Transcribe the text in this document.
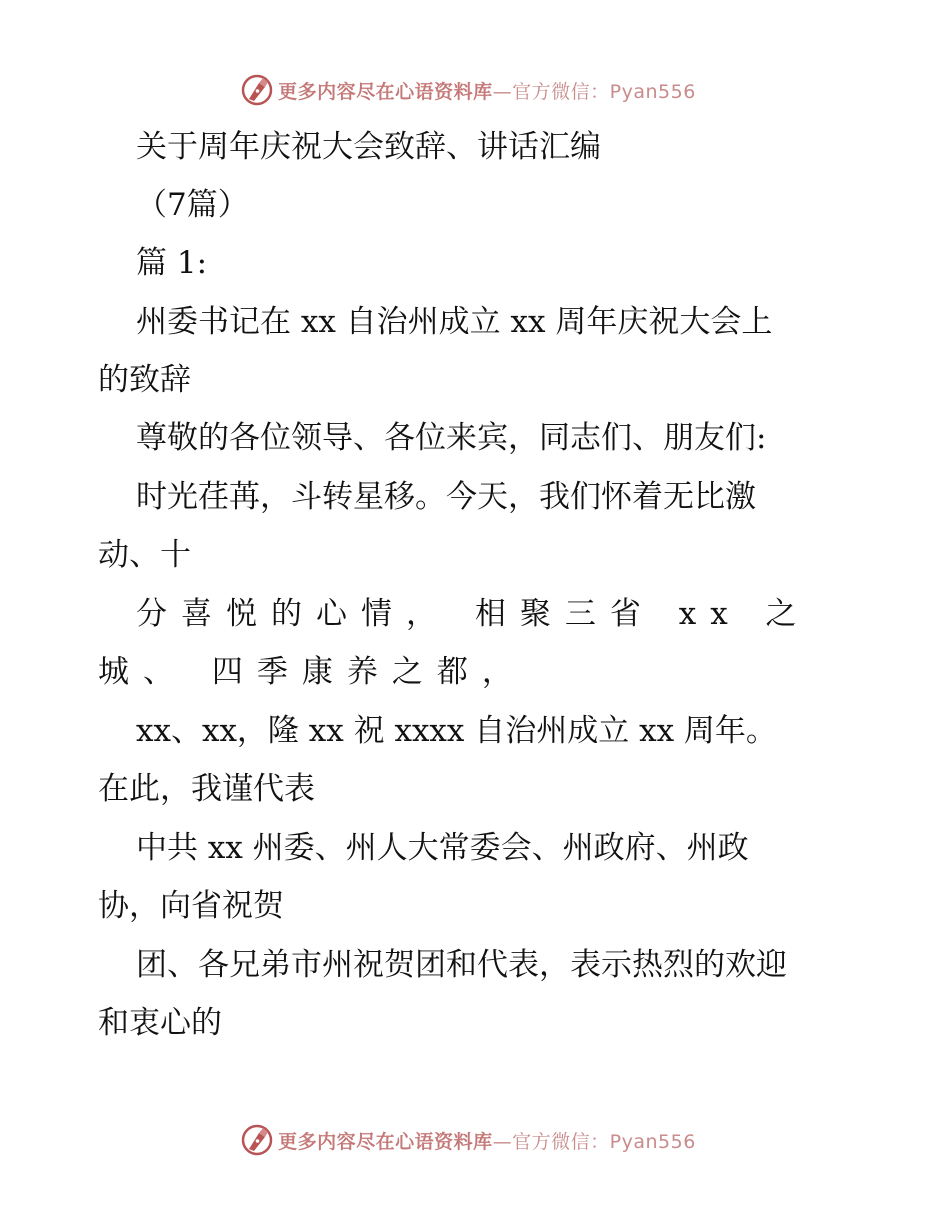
更多内容尽在心语资料库—官方微信：Pyan556
关于周年庆祝大会致辞、讲话汇编
（7篇）
篇 1:
州委书记在 xx 自治州成立 xx 周年庆祝大会上
的致辞
尊敬的各位领导、各位来宾，同志们、朋友们:
时光荏苒，斗转星移。今天，我们怀着无比激
动、十
分喜悦的心情， 相聚三省 xx 之
城、 四季康养之都，
xx、xx，隆 xx 祝 xxxx 自治州成立 xx 周年。
在此，我谨代表
中共 xx 州委、州人大常委会、州政府、州政
协，向省祝贺
团、各兄弟市州祝贺团和代表，表示热烈的欢迎
和衷心的
更多内容尽在心语资料库—官方微信：Pyan556
